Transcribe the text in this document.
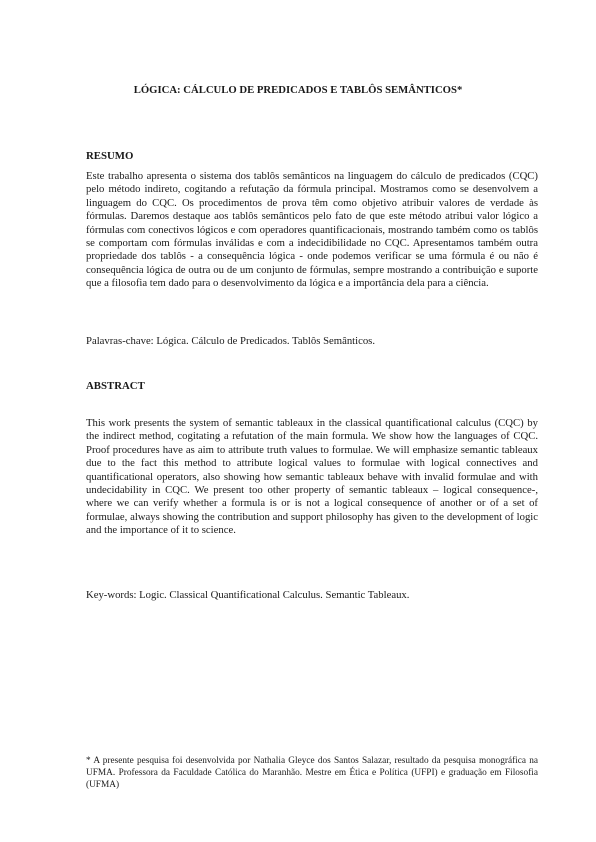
LÓGICA: CÁLCULO DE PREDICADOS E TABLÔS SEMÂNTICOS*
RESUMO

Este trabalho apresenta o sistema dos tablôs semânticos na linguagem do cálculo de predicados (CQC) pelo método indireto, cogitando a refutação da fórmula principal. Mostramos como se desenvolvem a linguagem do CQC. Os procedimentos de prova têm como objetivo atribuir valores de verdade às fórmulas. Daremos destaque aos tablôs semânticos pelo fato de que este método atribui valor lógico a fórmulas com conectivos lógicos e com operadores quantificacionais, mostrando também como os tablôs se comportam com fórmulas inválidas e com a indecidibilidade no CQC. Apresentamos também outra propriedade dos tablôs - a consequência lógica - onde podemos verificar se uma fórmula é ou não é consequência lógica de outra ou de um conjunto de fórmulas, sempre mostrando a contribuição e suporte que a filosofia tem dado para o desenvolvimento da lógica e a importância dela para a ciência.

Palavras-chave: Lógica. Cálculo de Predicados. Tablôs Semânticos.

ABSTRACT

This work presents the system of semantic tableaux in the classical quantificational calculus (CQC) by the indirect method, cogitating a refutation of the main formula. We show how the languages of CQC. Proof procedures have as aim to attribute truth values to formulae. We will emphasize semantic tableaux due to the fact this method to attribute logical values to formulae with logical connectives and quantificational operators, also showing how semantic tableaux behave with invalid formulae and with undecidability in CQC. We present too other property of semantic tableaux – logical consequence-, where we can verify whether a formula is or is not a logical consequence of another or of a set of formulae, always showing the contribution and support philosophy has given to the development of logic and the importance of it to science.

Key-words: Logic. Classical Quantificational Calculus. Semantic Tableaux.

* A presente pesquisa foi desenvolvida por Nathalia Gleyce dos Santos Salazar, resultado da pesquisa monográfica na UFMA. Professora da Faculdade Católica do Maranhão. Mestre em Ética e Política (UFPI) e graduação em Filosofia (UFMA)
